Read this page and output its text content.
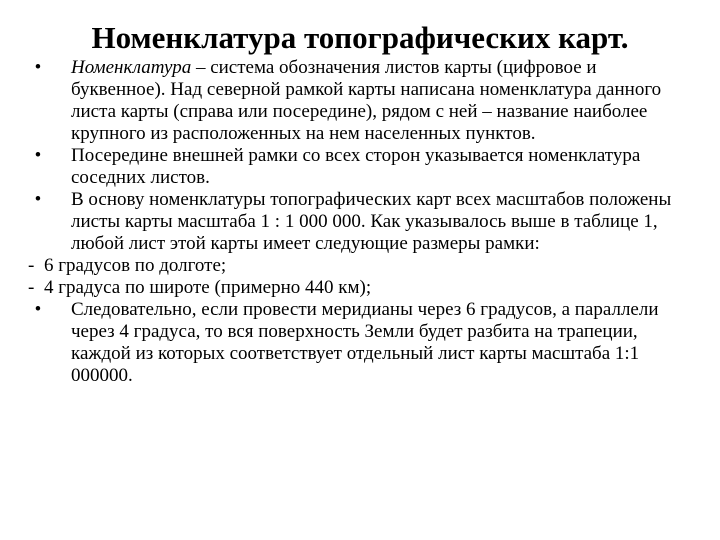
Номенклатура топографических карт.
•	Номенклатура – система обозначения листов карты (цифровое и буквенное). Над северной рамкой карты написана номенклатура данного листа карты (справа или посередине), рядом с ней – название наиболее крупного из расположенных на нем населенных пунктов.
•	Посередине внешней рамки со всех сторон указывается номенклатура соседних листов.
•	В основу номенклатуры топографических карт всех масштабов положены листы карты масштаба 1 : 1 000 000. Как указывалось выше в таблице 1, любой лист этой карты имеет следующие размеры рамки:
- 6 градусов по долготе;
- 4 градуса по широте (примерно 440 км);
•	Следовательно, если провести меридианы через 6 градусов, а параллели через 4 градуса, то вся поверхность Земли будет разбита на трапеции, каждой из которых соответствует отдельный лист карты масштаба 1:1 000000.
